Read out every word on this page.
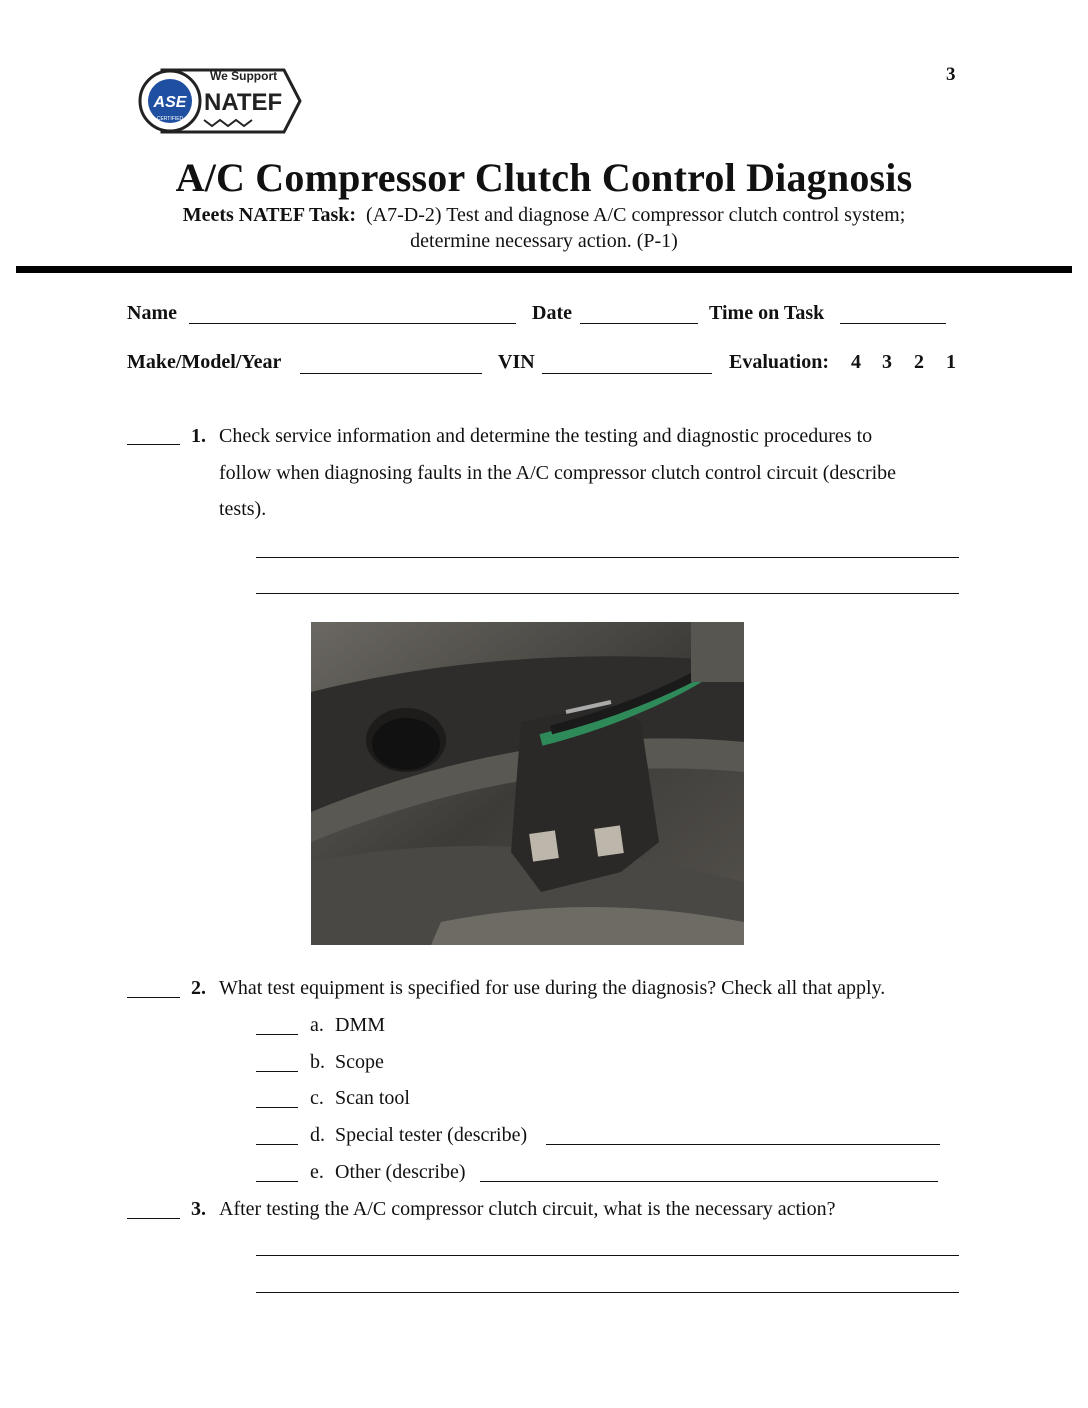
ASE
CERTIFIED
We Support
NATEF
3
A/C Compressor Clutch Control Diagnosis
Meets NATEF Task: (A7-D-2) Test and diagnose A/C compressor clutch control system;
determine necessary action. (P-1)
Name	Date	Time on Task
Make/Model/Year	VIN	Evaluation: 4 3 2 1
1. Check service information and determine the testing and diagnostic procedures to
follow when diagnosing faults in the A/C compressor clutch control circuit (describe
tests).
2. What test equipment is specified for use during the diagnosis? Check all that apply.
a. DMM
b. Scope
c. Scan tool
d. Special tester (describe)
e. Other (describe)
3. After testing the A/C compressor clutch circuit, what is the necessary action?
